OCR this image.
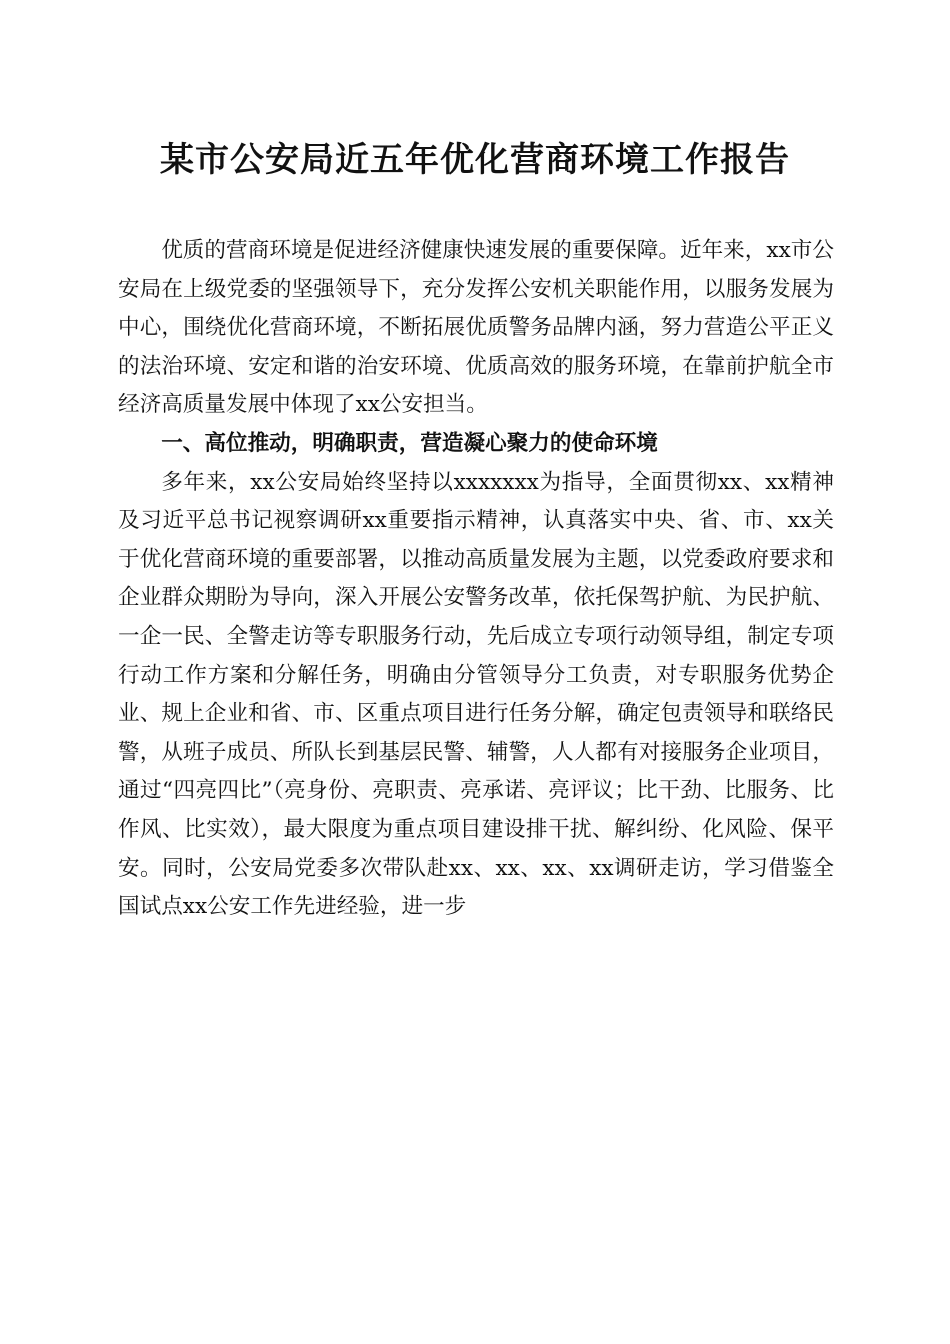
某市公安局近五年优化营商环境工作报告

优质的营商环境是促进经济健康快速发展的重要保障。近年来，xx市公安局在上级党委的坚强领导下，充分发挥公安机关职能作用，以服务发展为中心，围绕优化营商环境，不断拓展优质警务品牌内涵，努力营造公平正义的法治环境、安定和谐的治安环境、优质高效的服务环境，在靠前护航全市经济高质量发展中体现了xx公安担当。

一、高位推动，明确职责，营造凝心聚力的使命环境

多年来，xx公安局始终坚持以xxxxxxx为指导，全面贯彻xx、xx精神及习近平总书记视察调研xx重要指示精神，认真落实中央、省、市、xx关于优化营商环境的重要部署，以推动高质量发展为主题，以党委政府要求和企业群众期盼为导向，深入开展公安警务改革，依托保驾护航、为民护航、一企一民、全警走访等专职服务行动，先后成立专项行动领导组，制定专项行动工作方案和分解任务，明确由分管领导分工负责，对专职服务优势企业、规上企业和省、市、区重点项目进行任务分解，确定包责领导和联络民警，从班子成员、所队长到基层民警、辅警，人人都有对接服务企业项目，通过“四亮四比”（亮身份、亮职责、亮承诺、亮评议；比干劲、比服务、比作风、比实效），最大限度为重点项目建设排干扰、解纠纷、化风险、保平安。同时，公安局党委多次带队赴xx、xx、xx、xx调研走访，学习借鉴全国试点xx公安工作先进经验，进一步
